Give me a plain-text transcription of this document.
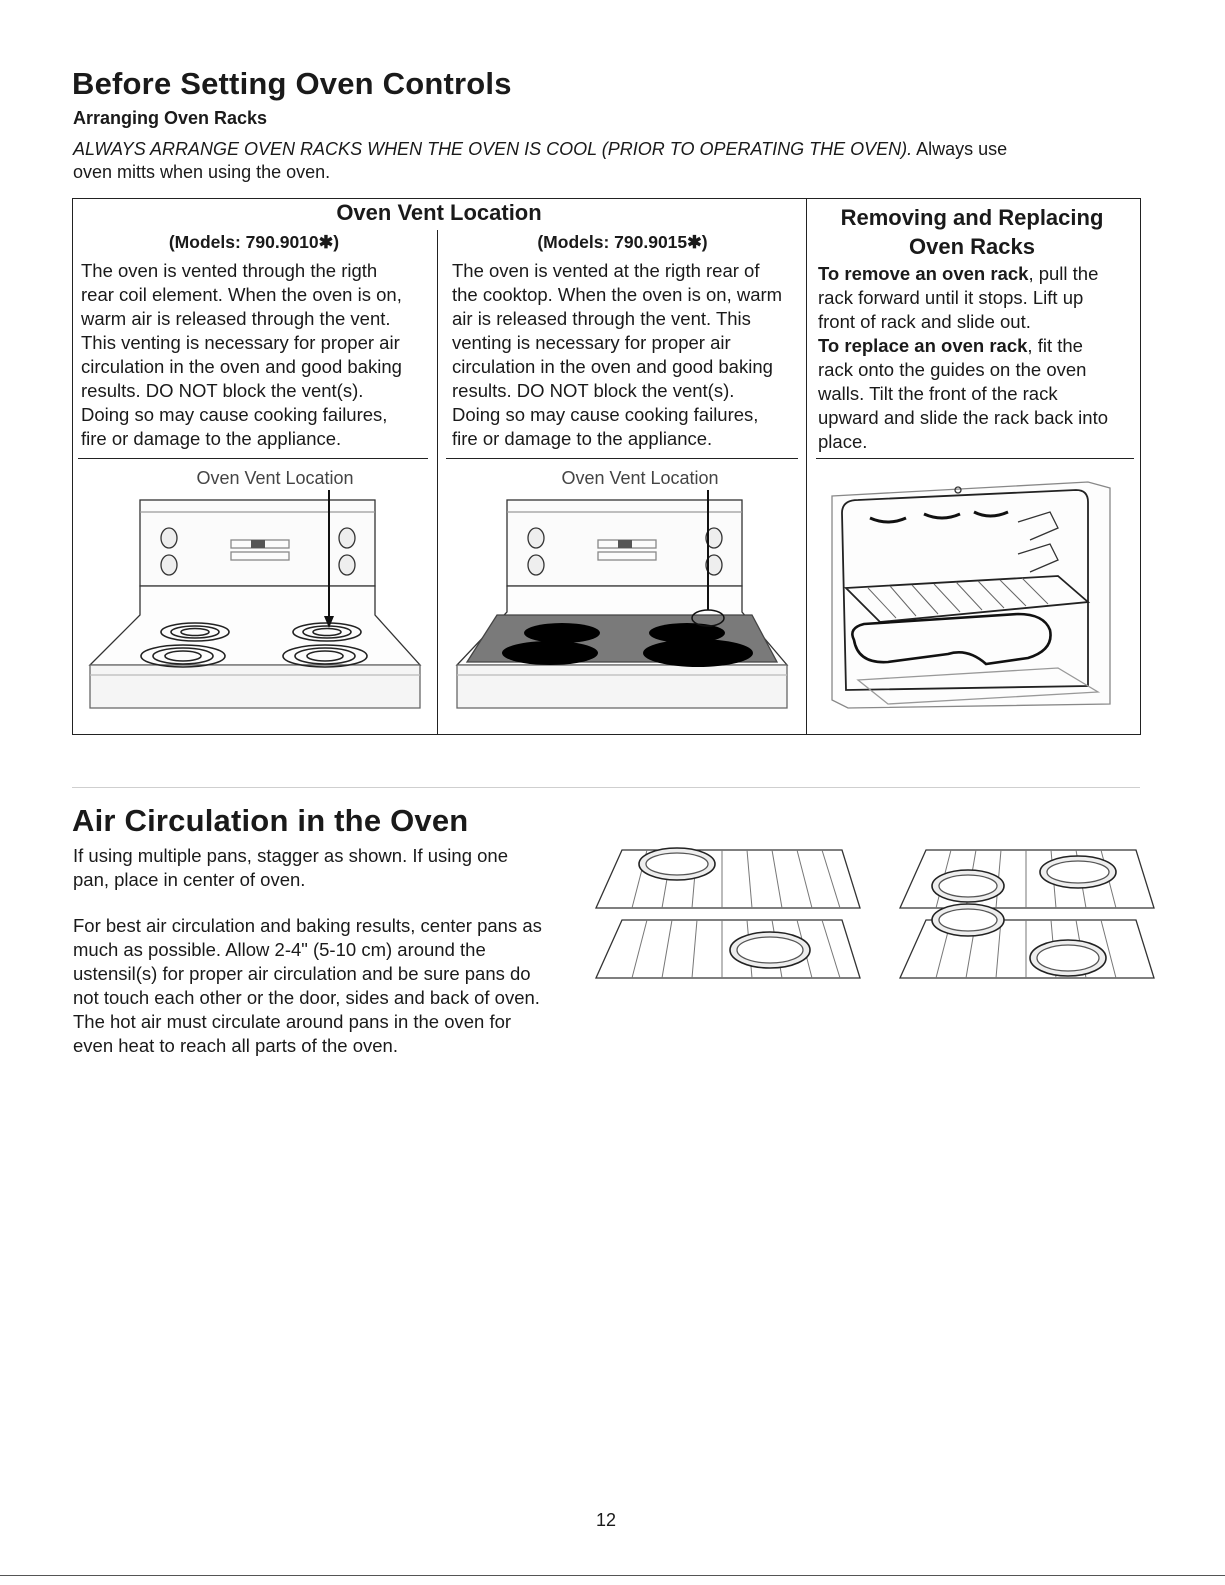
Before Setting Oven Controls
Arranging Oven Racks
ALWAYS ARRANGE OVEN RACKS WHEN THE OVEN IS COOL (PRIOR TO OPERATING THE OVEN). Always use
oven mitts when using the oven.
Oven Vent Location
(Models: 790.9010✱)
The oven is vented through the rigth
rear coil element. When the oven is on,
warm air is released through the vent.
This venting is necessary for proper air
circulation in the oven and good baking
results. DO NOT block the vent(s).
Doing so may cause cooking failures,
fire or damage to the appliance.
Oven Vent Location
(Models: 790.9015✱)
The oven is vented at the rigth rear of
the cooktop. When the oven is on, warm
air is released through the vent. This
venting is necessary for proper air
circulation in the oven and good baking
results. DO NOT block the vent(s).
Doing so may cause cooking failures,
fire or damage to the appliance.
Oven Vent Location
Removing and Replacing
Oven Racks
To remove an oven rack, pull the
rack forward until it stops. Lift up
front of rack and slide out.
To replace an oven rack, fit the
rack onto the guides on the oven
walls. Tilt the front of the rack
upward and slide the rack back into
place.
Air Circulation in the Oven
If using multiple pans, stagger as shown. If using one
pan, place in center of oven.
For best air circulation and baking results, center pans as
much as possible. Allow 2-4" (5-10 cm) around the
ustensil(s) for proper air circulation and be sure pans do
not touch each other or the door, sides and back of oven.
The hot air must circulate around pans in the oven for
even heat to reach all parts of the oven.
12
